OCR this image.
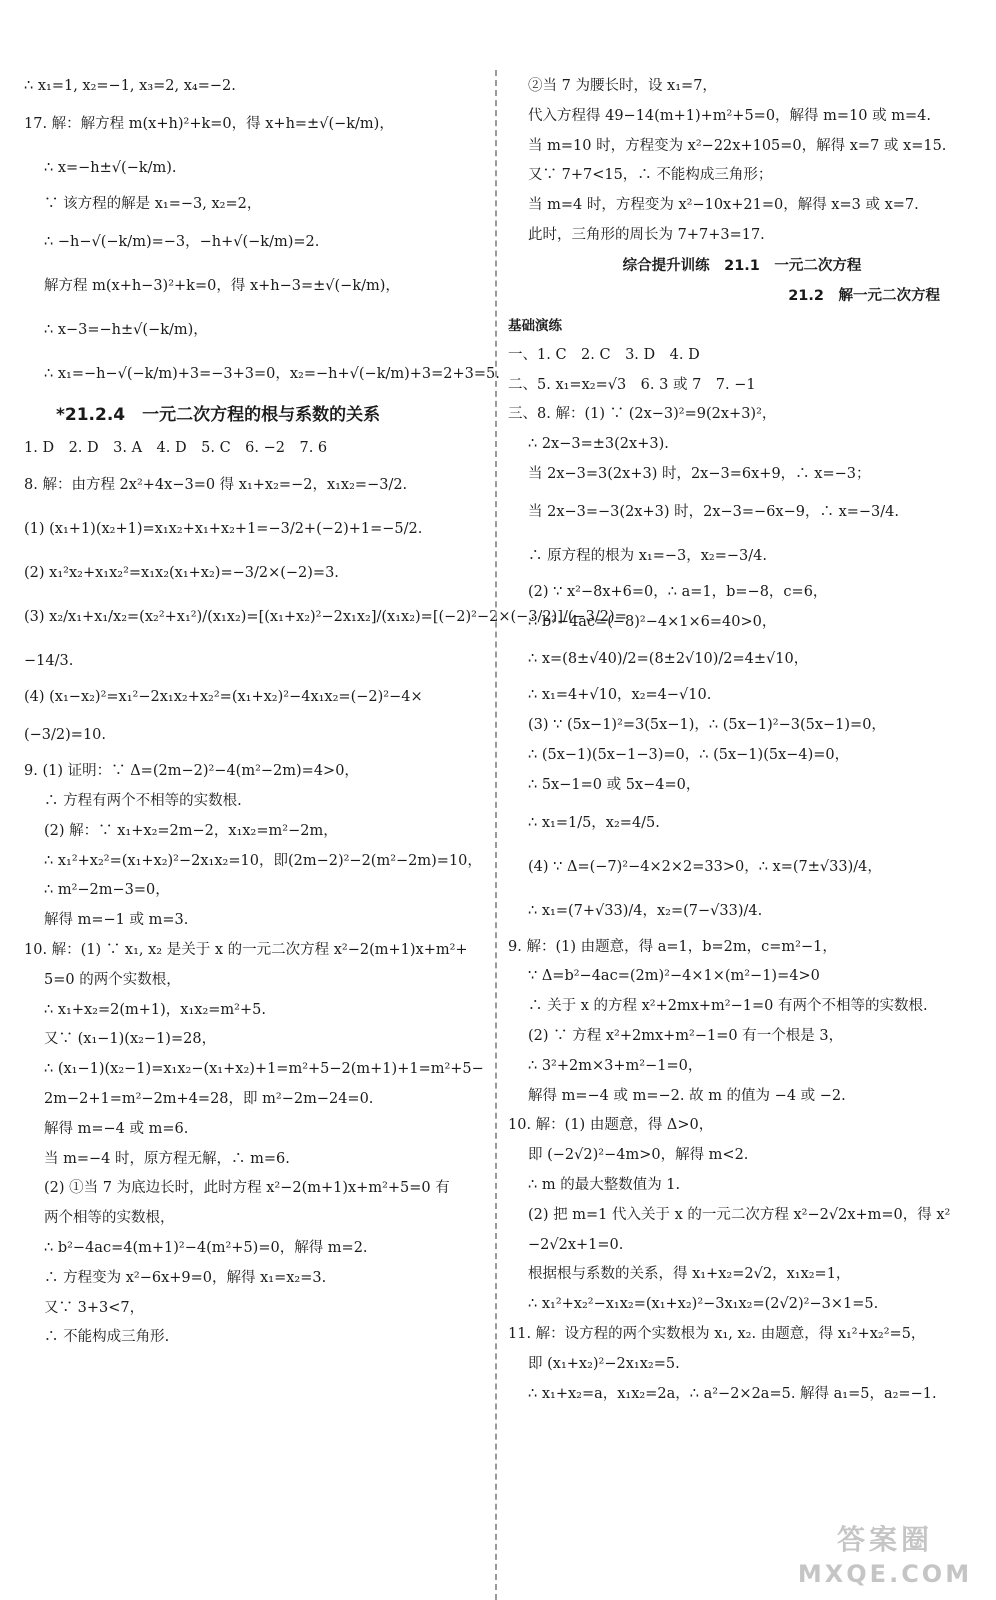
∴ x₁=1, x₂=−1, x₃=2, x₄=−2.
17. 解：解方程 m(x+h)²+k=0，得 x+h=±√(−k/m)，
∴ x=−h±√(−k/m).
∵ 该方程的解是 x₁=−3, x₂=2，
∴ −h−√(−k/m)=−3，−h+√(−k/m)=2.
解方程 m(x+h−3)²+k=0，得 x+h−3=±√(−k/m)，
∴ x−3=−h±√(−k/m)，
∴ x₁=−h−√(−k/m)+3=−3+3=0，x₂=−h+√(−k/m)+3=2+3=5.
*21.2.4　一元二次方程的根与系数的关系
1. D　2. D　3. A　4. D　5. C　6. −2　7. 6
8. 解：由方程 2x²+4x−3=0 得 x₁+x₂=−2，x₁x₂=−3/2.
(1) (x₁+1)(x₂+1)=x₁x₂+x₁+x₂+1=−3/2+(−2)+1=−5/2.
(2) x₁²x₂+x₁x₂²=x₁x₂(x₁+x₂)=−3/2×(−2)=3.
(3) x₂/x₁+x₁/x₂=(x₂²+x₁²)/(x₁x₂)=[(x₁+x₂)²−2x₁x₂]/(x₁x₂)=[(−2)²−2×(−3/2)]/(−3/2)=
−14/3.
(4) (x₁−x₂)²=x₁²−2x₁x₂+x₂²=(x₁+x₂)²−4x₁x₂=(−2)²−4×
(−3/2)=10.
9. (1) 证明：∵ Δ=(2m−2)²−4(m²−2m)=4>0，
∴ 方程有两个不相等的实数根.
(2) 解：∵ x₁+x₂=2m−2，x₁x₂=m²−2m，
∴ x₁²+x₂²=(x₁+x₂)²−2x₁x₂=10，即(2m−2)²−2(m²−2m)=10，
∴ m²−2m−3=0，
解得 m=−1 或 m=3.
10. 解：(1) ∵ x₁, x₂ 是关于 x 的一元二次方程 x²−2(m+1)x+m²+
5=0 的两个实数根，
∴ x₁+x₂=2(m+1)，x₁x₂=m²+5.
又∵ (x₁−1)(x₂−1)=28，
∴ (x₁−1)(x₂−1)=x₁x₂−(x₁+x₂)+1=m²+5−2(m+1)+1=m²+5−
2m−2+1=m²−2m+4=28，即 m²−2m−24=0.
解得 m=−4 或 m=6.
当 m=−4 时，原方程无解，∴ m=6.
(2) ①当 7 为底边长时，此时方程 x²−2(m+1)x+m²+5=0 有
两个相等的实数根，
∴ b²−4ac=4(m+1)²−4(m²+5)=0，解得 m=2.
∴ 方程变为 x²−6x+9=0，解得 x₁=x₂=3.
又∵ 3+3<7，
∴ 不能构成三角形.
②当 7 为腰长时，设 x₁=7，
代入方程得 49−14(m+1)+m²+5=0，解得 m=10 或 m=4.
当 m=10 时，方程变为 x²−22x+105=0，解得 x=7 或 x=15.
又∵ 7+7<15，∴ 不能构成三角形；
当 m=4 时，方程变为 x²−10x+21=0，解得 x=3 或 x=7.
此时，三角形的周长为 7+7+3=17.
综合提升训练　21.1　一元二次方程
21.2　解一元二次方程
基础演练
一、1. C　2. C　3. D　4. D
二、5. x₁=x₂=√3　6. 3 或 7　7. −1
三、8. 解：(1) ∵ (2x−3)²=9(2x+3)²，
∴ 2x−3=±3(2x+3).
当 2x−3=3(2x+3) 时，2x−3=6x+9，∴ x=−3；
当 2x−3=−3(2x+3) 时，2x−3=−6x−9，∴ x=−3/4.
∴ 原方程的根为 x₁=−3，x₂=−3/4.
(2) ∵ x²−8x+6=0，∴ a=1，b=−8，c=6，
∴ b²−4ac=(−8)²−4×1×6=40>0，
∴ x=(8±√40)/2=(8±2√10)/2=4±√10，
∴ x₁=4+√10，x₂=4−√10.
(3) ∵ (5x−1)²=3(5x−1)，∴ (5x−1)²−3(5x−1)=0，
∴ (5x−1)(5x−1−3)=0，∴ (5x−1)(5x−4)=0，
∴ 5x−1=0 或 5x−4=0，
∴ x₁=1/5，x₂=4/5.
(4) ∵ Δ=(−7)²−4×2×2=33>0，∴ x=(7±√33)/4，
∴ x₁=(7+√33)/4，x₂=(7−√33)/4.
9. 解：(1) 由题意，得 a=1，b=2m，c=m²−1，
∵ Δ=b²−4ac=(2m)²−4×1×(m²−1)=4>0
∴ 关于 x 的方程 x²+2mx+m²−1=0 有两个不相等的实数根.
(2) ∵ 方程 x²+2mx+m²−1=0 有一个根是 3，
∴ 3²+2m×3+m²−1=0，
解得 m=−4 或 m=−2. 故 m 的值为 −4 或 −2.
10. 解：(1) 由题意，得 Δ>0，
即 (−2√2)²−4m>0，解得 m<2.
∴ m 的最大整数值为 1.
(2) 把 m=1 代入关于 x 的一元二次方程 x²−2√2x+m=0，得 x²
−2√2x+1=0.
根据根与系数的关系，得 x₁+x₂=2√2，x₁x₂=1，
∴ x₁²+x₂²−x₁x₂=(x₁+x₂)²−3x₁x₂=(2√2)²−3×1=5.
11. 解：设方程的两个实数根为 x₁, x₂. 由题意，得 x₁²+x₂²=5，
即 (x₁+x₂)²−2x₁x₂=5.
∴ x₁+x₂=a，x₁x₂=2a，∴ a²−2×2a=5. 解得 a₁=5，a₂=−1.
答案圈
MXQE.COM
